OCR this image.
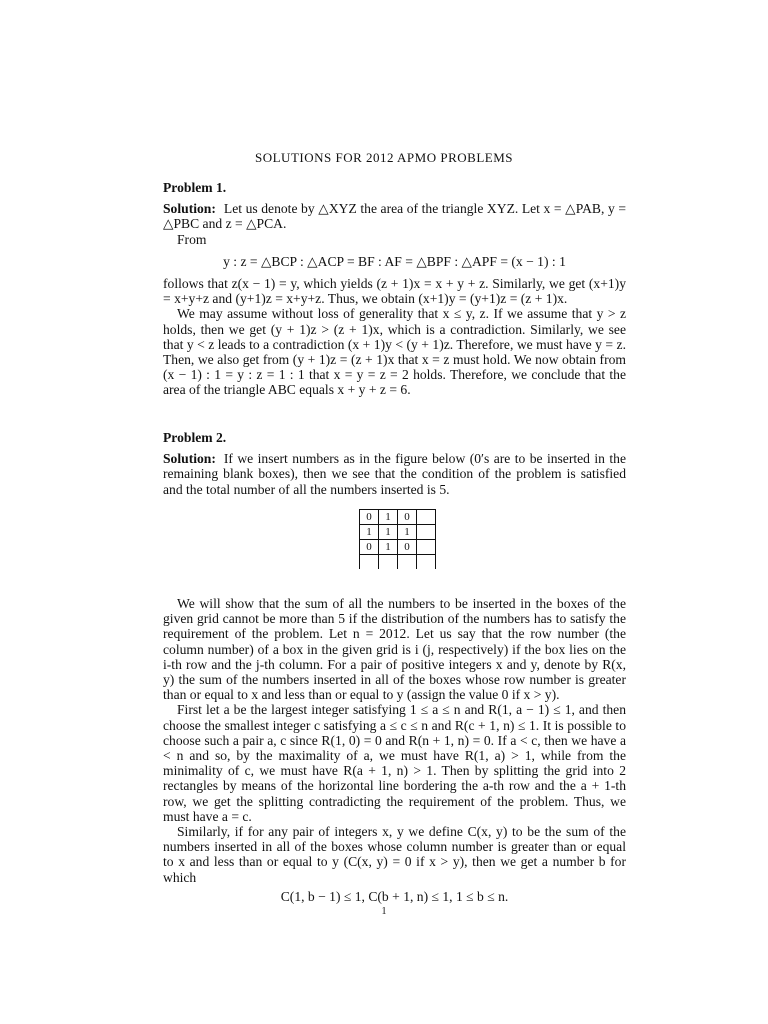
SOLUTIONS FOR 2012 APMO PROBLEMS

Problem 1.

Solution: Let us denote by △XYZ the area of the triangle XYZ. Let x = △PAB, y = △PBC and z = △PCA.

From

y : z = △BCP : △ACP = BF : AF = △BPF : △APF = (x − 1) : 1

follows that z(x − 1) = y, which yields (z + 1)x = x + y + z. Similarly, we get (x+1)y = x+y+z and (y+1)z = x+y+z. Thus, we obtain (x+1)y = (y+1)z = (z + 1)x.

We may assume without loss of generality that x ≤ y, z. If we assume that y > z holds, then we get (y + 1)z > (z + 1)x, which is a contradiction. Similarly, we see that y < z leads to a contradiction (x + 1)y < (y + 1)z. Therefore, we must have y = z. Then, we also get from (y + 1)z = (z + 1)x that x = z must hold. We now obtain from (x − 1) : 1 = y : z = 1 : 1 that x = y = z = 2 holds. Therefore, we conclude that the area of the triangle ABC equals x + y + z = 6.

Problem 2.

Solution: If we insert numbers as in the figure below (0′s are to be inserted in the remaining blank boxes), then we see that the condition of the problem is satisfied and the total number of all the numbers inserted is 5.

0	1	0	
1	1	1	
0	1	0	

We will show that the sum of all the numbers to be inserted in the boxes of the given grid cannot be more than 5 if the distribution of the numbers has to satisfy the requirement of the problem. Let n = 2012. Let us say that the row number (the column number) of a box in the given grid is i (j, respectively) if the box lies on the i-th row and the j-th column. For a pair of positive integers x and y, denote by R(x, y) the sum of the numbers inserted in all of the boxes whose row number is greater than or equal to x and less than or equal to y (assign the value 0 if x > y).

First let a be the largest integer satisfying 1 ≤ a ≤ n and R(1, a − 1) ≤ 1, and then choose the smallest integer c satisfying a ≤ c ≤ n and R(c + 1, n) ≤ 1. It is possible to choose such a pair a, c since R(1, 0) = 0 and R(n + 1, n) = 0. If a < c, then we have a < n and so, by the maximality of a, we must have R(1, a) > 1, while from the minimality of c, we must have R(a + 1, n) > 1. Then by splitting the grid into 2 rectangles by means of the horizontal line bordering the a-th row and the a + 1-th row, we get the splitting contradicting the requirement of the problem. Thus, we must have a = c.

Similarly, if for any pair of integers x, y we define C(x, y) to be the sum of the numbers inserted in all of the boxes whose column number is greater than or equal to x and less than or equal to y (C(x, y) = 0 if x > y), then we get a number b for which

C(1, b − 1) ≤ 1, C(b + 1, n) ≤ 1, 1 ≤ b ≤ n.

1
